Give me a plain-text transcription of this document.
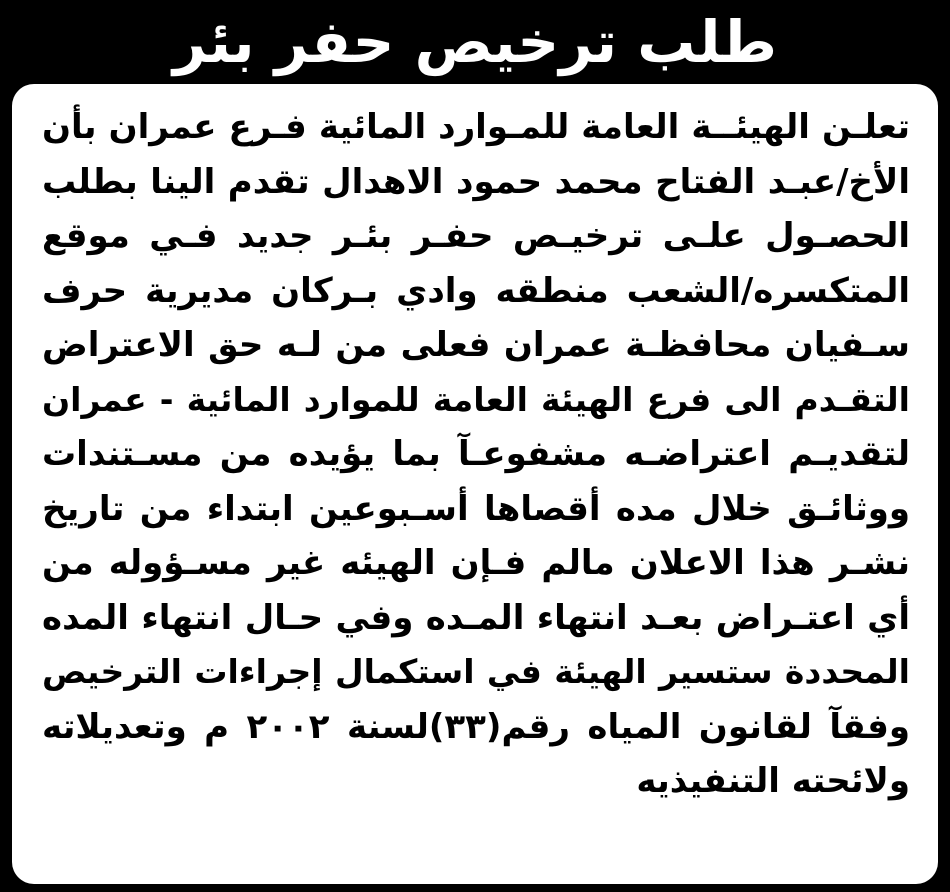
طلب ترخيص حفر بئر
تعلـن الهيئــة العامة للمـوارد المائية فـرع عمران بأن
الأخ/عبـد الفتاح محمد حمود الاهدال تقدم الينا بطلب
الحصـول علـى ترخيـص حفـر بئـر جديد فـي موقع
المتكسره/الشعب منطقه وادي بـركان مديرية حرف
سـفيان محافظـة عمران فعلى من لـه حق الاعتراض
التقـدم الى فرع الهيئة العامة للموارد المائية - عمران
لتقديـم اعتراضـه مشفوعـآ بما يؤيده من مسـتندات
ووثائـق خلال مده أقصاها أسـبوعين ابتداء من تاريخ
نشـر هذا الاعلان مالم فـإن الهيئه غير مسـؤوله من
أي اعتـراض بعـد انتهاء المـده وفي حـال انتهاء المده
المحددة ستسير الهيئة في استكمال إجراءات الترخيص
وفقآ لقانون المياه رقم(٣٣)لسنة ٢٠٠٢ م وتعديلاته
ولائحته التنفيذيه
